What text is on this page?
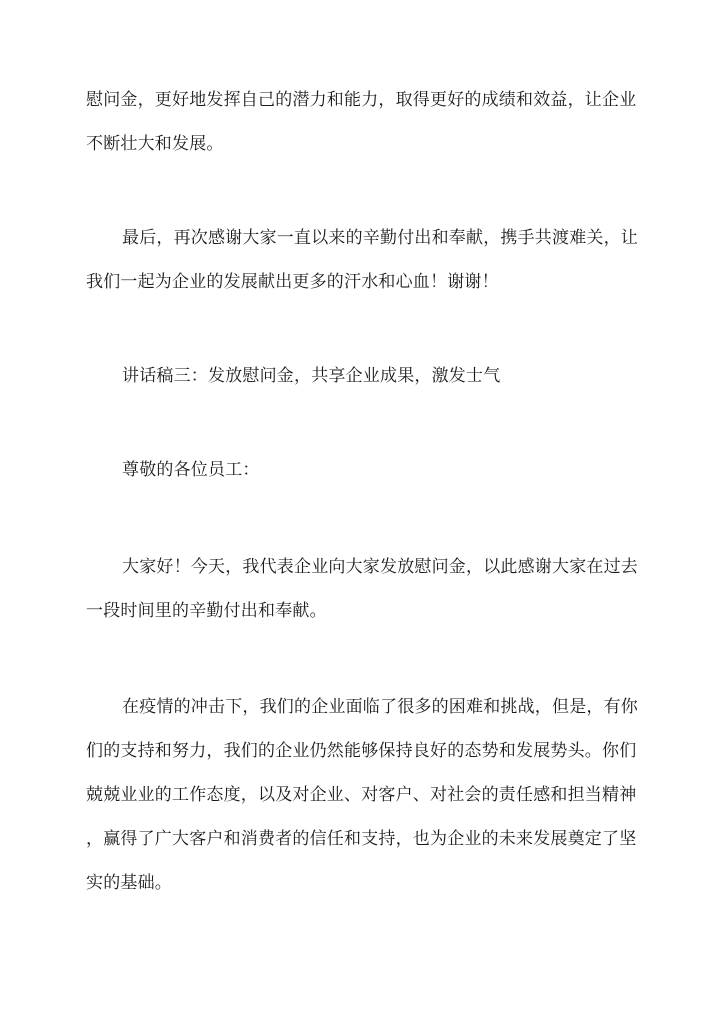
慰问金，更好地发挥自己的潜力和能力，取得更好的成绩和效益，让企业
不断壮大和发展。
最后，再次感谢大家一直以来的辛勤付出和奉献，携手共渡难关，让
我们一起为企业的发展献出更多的汗水和心血！谢谢！
讲话稿三：发放慰问金，共享企业成果，激发士气
尊敬的各位员工：
大家好！今天，我代表企业向大家发放慰问金，以此感谢大家在过去
一段时间里的辛勤付出和奉献。
在疫情的冲击下，我们的企业面临了很多的困难和挑战，但是，有你
们的支持和努力，我们的企业仍然能够保持良好的态势和发展势头。你们
兢兢业业的工作态度，以及对企业、对客户、对社会的责任感和担当精神
，赢得了广大客户和消费者的信任和支持，也为企业的未来发展奠定了坚
实的基础。
